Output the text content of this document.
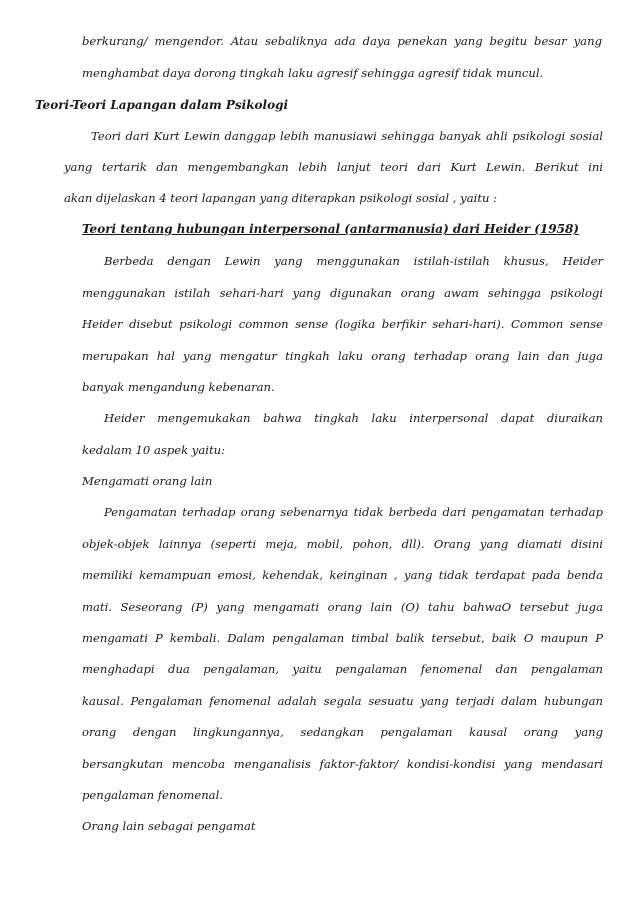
berkurang/ mengendor. Atau sebaliknya ada daya penekan yang begitu besar yang

menghambat daya dorong tingkah laku agresif sehingga agresif tidak muncul.

Teori-Teori Lapangan dalam Psikologi

Teori dari Kurt Lewin danggap lebih manusiawi sehingga banyak ahli psikologi sosial

yang tertarik dan mengembangkan lebih lanjut teori dari Kurt Lewin. Berikut ini

akan dijelaskan 4 teori lapangan yang diterapkan psikologi sosial , yaitu :

Teori tentang hubungan interpersonal (antarmanusia) dari Heider (1958)

Berbeda dengan Lewin yang menggunakan istilah-istilah khusus, Heider

menggunakan istilah sehari-hari yang digunakan orang awam sehingga psikologi

Heider disebut psikologi common sense (logika berfikir sehari-hari). Common sense

merupakan hal yang mengatur tingkah laku orang terhadap orang lain dan juga

banyak mengandung kebenaran.

Heider mengemukakan bahwa tingkah laku interpersonal dapat diuraikan

kedalam 10 aspek yaitu:

Mengamati orang lain

Pengamatan terhadap orang sebenarnya tidak berbeda dari pengamatan terhadap

objek-objek lainnya (seperti meja, mobil, pohon, dll). Orang yang diamati disini

memiliki kemampuan emosi, kehendak, keinginan , yang tidak terdapat pada benda

mati. Seseorang (P) yang mengamati orang lain (O) tahu bahwaO tersebut juga

mengamati P kembali. Dalam pengalaman timbal balik tersebut, baik O maupun P

menghadapi dua pengalaman, yaitu pengalaman fenomenal dan pengalaman

kausal. Pengalaman fenomenal adalah segala sesuatu yang terjadi dalam hubungan

orang dengan lingkungannya, sedangkan pengalaman kausal orang yang

bersangkutan mencoba menganalisis faktor-faktor/ kondisi-kondisi yang mendasari

pengalaman fenomenal.

Orang lain sebagai pengamat
